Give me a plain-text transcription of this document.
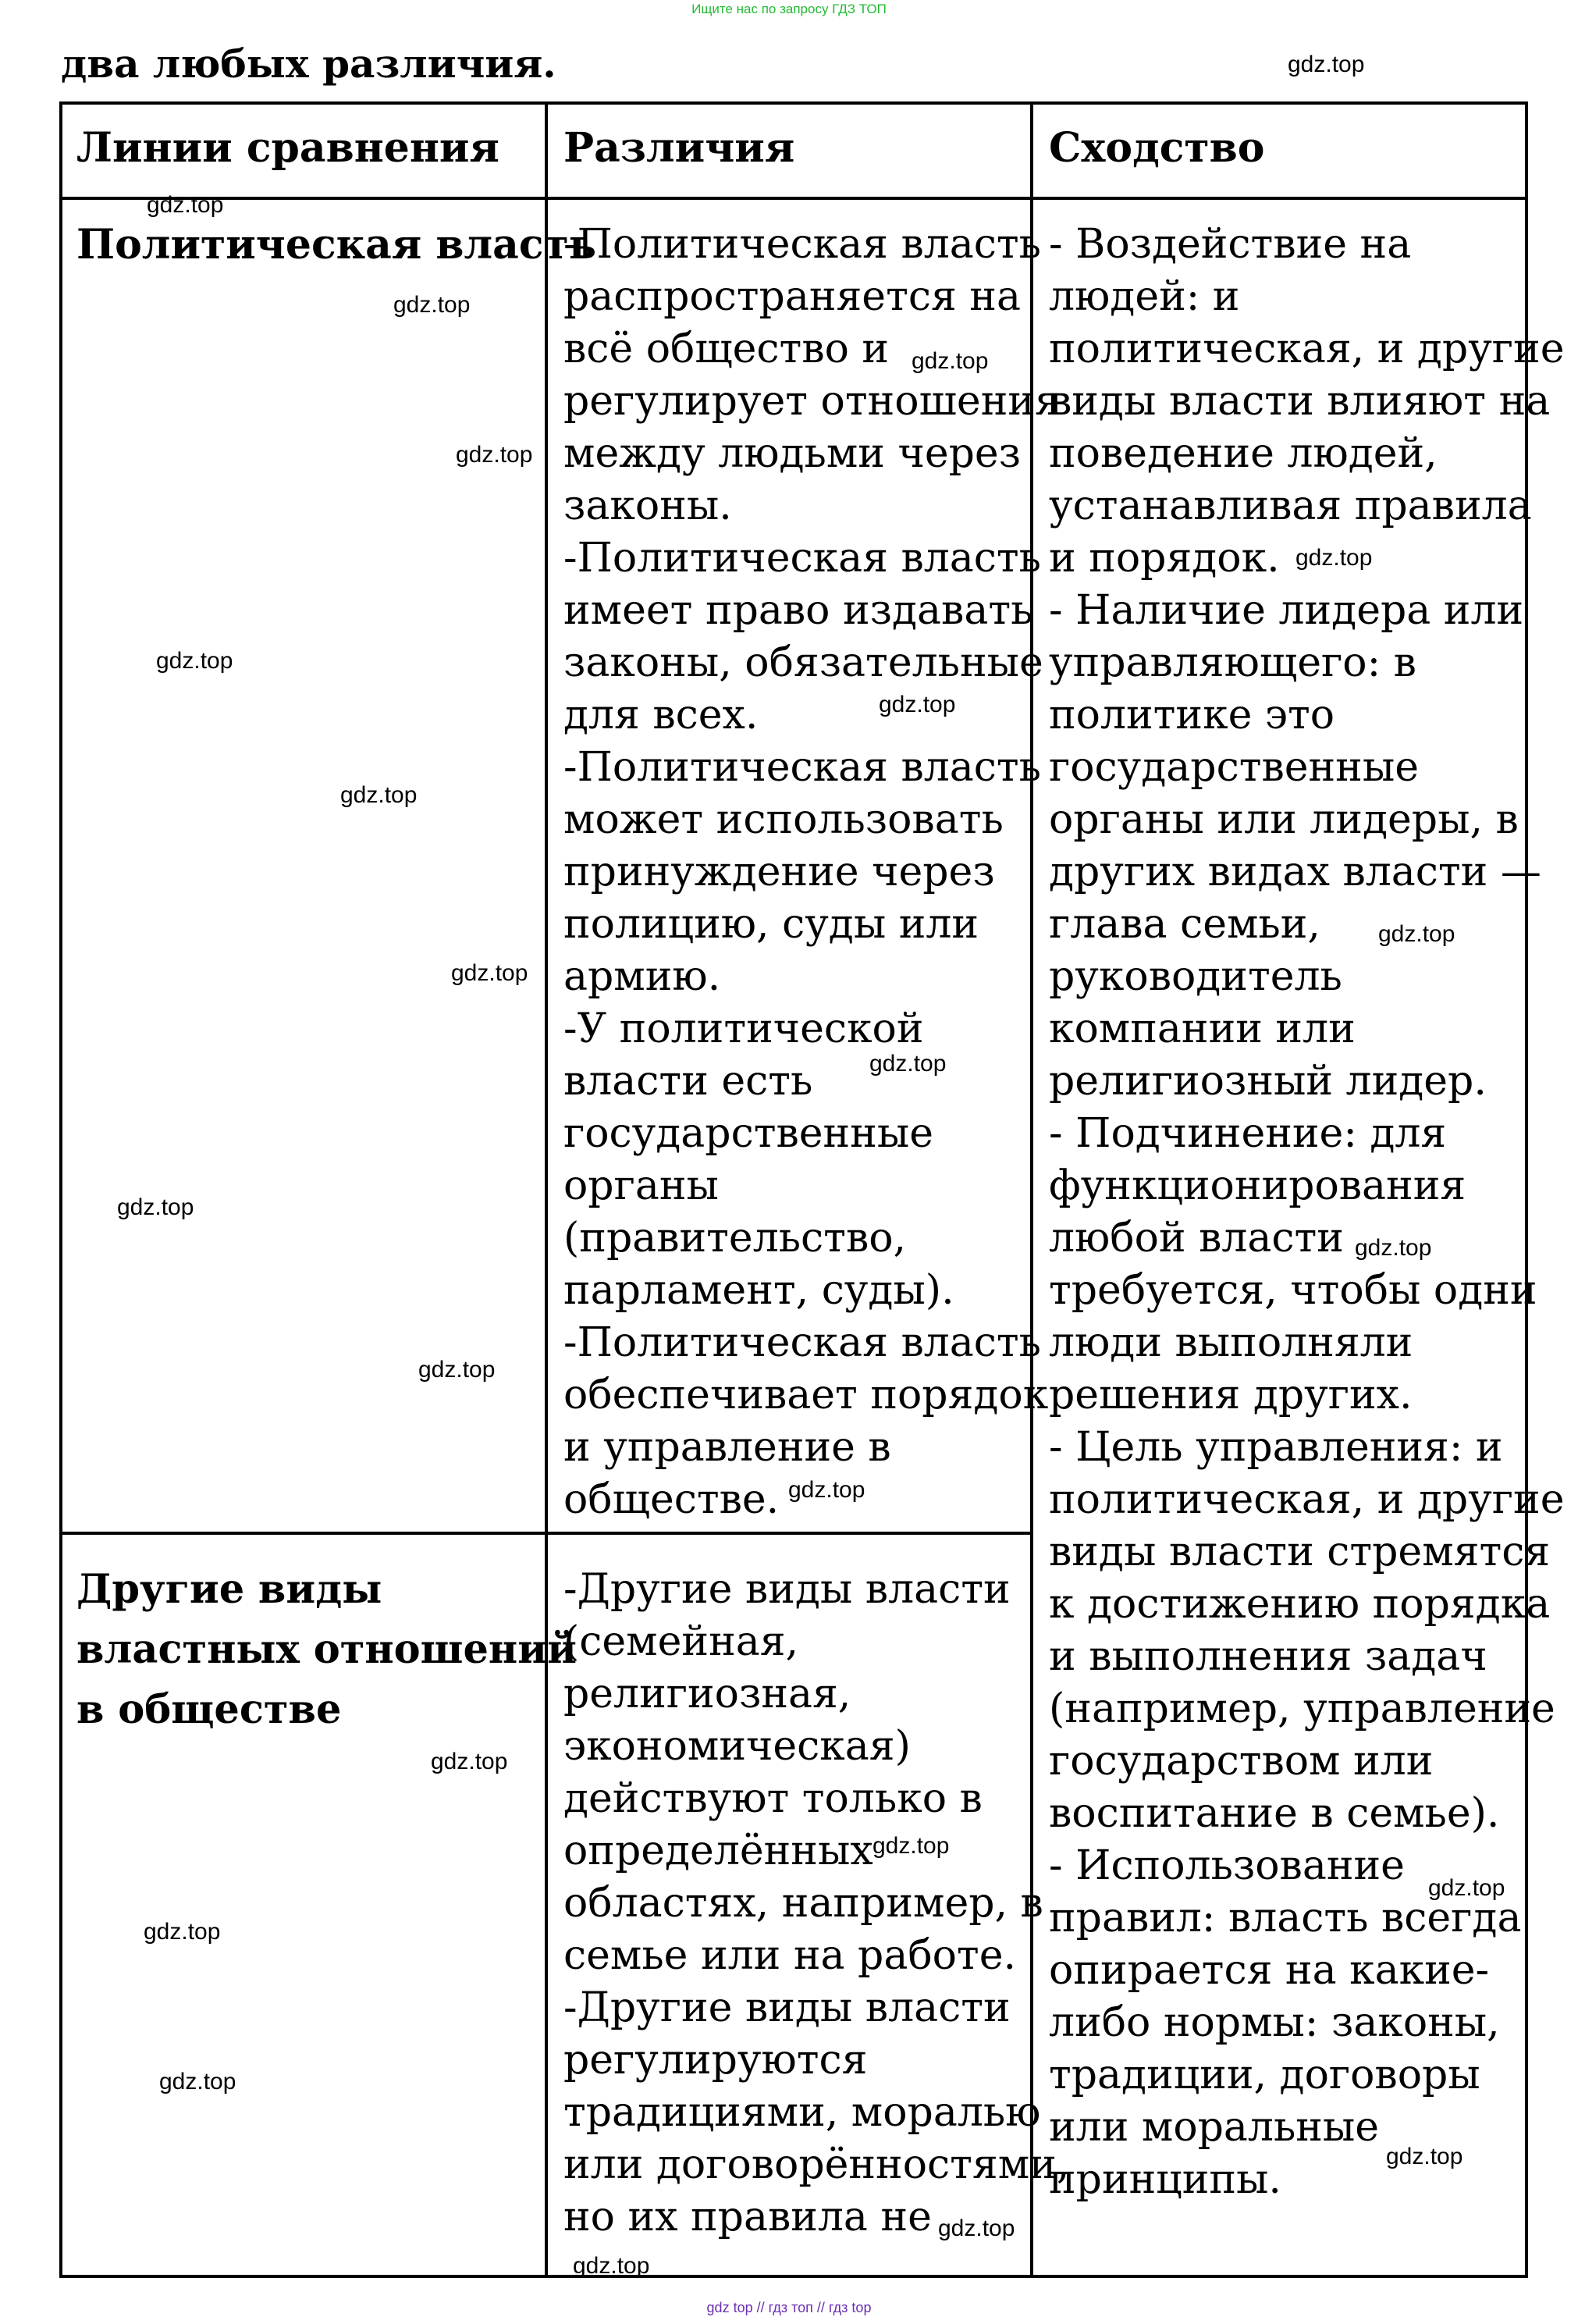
Ищите нас по запросу ГДЗ ТОП
два любых различия.
Линии сравнения Различия	Сходство
Политическая власть

-Политическая власть

распространяется на

всё общество и

регулирует отношения

между людьми через

законы.

-Политическая власть

имеет право издавать

законы, обязательные

для всех.

-Политическая власть

может использовать

принуждение через

полицию, суды или

армию.

-У политической

власти есть

государственные

органы

(правительство,

парламент, суды).

-Политическая власть

обеспечивает порядок

и управление в

обществе.

- Воздействие на

людей: и

политическая, и другие

виды власти влияют на

поведение людей,

устанавливая правила

и порядок.

- Наличие лидера или

управляющего: в

политике это

государственные

органы или лидеры, в

других видах власти —

глава семьи,

руководитель

компании или

религиозный лидер.

- Подчинение: для

функционирования

любой власти

требуется, чтобы одни

люди выполняли

решения других.

- Цель управления: и

политическая, и другие

виды власти стремятся

к достижению порядка

и выполнения задач

(например, управление

государством или

воспитание в семье).

- Использование

правил: власть всегда

опирается на какие-

либо нормы: законы,

традиции, договоры

или моральные

принципы.

Другие виды

властных отношений

в обществе

-Другие виды власти

(семейная,

религиозная,

экономическая)

действуют только в

определённых

областях, например, в

семье или на работе.

-Другие виды власти

регулируются

традициями, моралью

или договорённостями,

но их правила не

gdz.top
gdz.top
gdz.top
gdz.top
gdz.top
gdz.top
gdz.top
gdz.top
gdz.top
gdz.top
gdz.top
gdz.top
gdz.top
gdz.top
gdz.top
gdz.top
gdz.top
gdz.top
gdz.top
gdz.top
gdz.top
gdz.top
gdz.top
gdz.top
gdz top // гдз топ // гдз top
